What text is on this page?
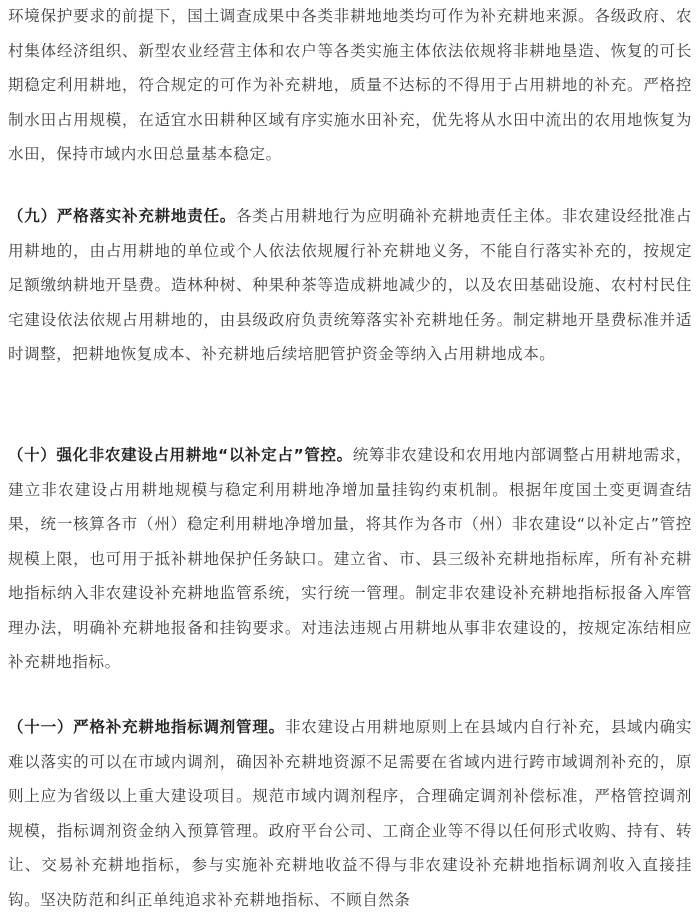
环境保护要求的前提下，国土调查成果中各类非耕地地类均可作为补充耕地来源。各级政府、农村集体经济组织、新型农业经营主体和农户等各类实施主体依法依规将非耕地垦造、恢复的可长期稳定利用耕地，符合规定的可作为补充耕地，质量不达标的不得用于占用耕地的补充。严格控制水田占用规模，在适宜水田耕种区域有序实施水田补充，优先将从水田中流出的农用地恢复为水田，保持市域内水田总量基本稳定。

（九）严格落实补充耕地责任。各类占用耕地行为应明确补充耕地责任主体。非农建设经批准占用耕地的，由占用耕地的单位或个人依法依规履行补充耕地义务，不能自行落实补充的，按规定足额缴纳耕地开垦费。造林种树、种果种茶等造成耕地减少的，以及农田基础设施、农村村民住宅建设依法依规占用耕地的，由县级政府负责统筹落实补充耕地任务。制定耕地开垦费标准并适时调整，把耕地恢复成本、补充耕地后续培肥管护资金等纳入占用耕地成本。

（十）强化非农建设占用耕地“以补定占”管控。统筹非农建设和农用地内部调整占用耕地需求，建立非农建设占用耕地规模与稳定利用耕地净增加量挂钩约束机制。根据年度国土变更调查结果，统一核算各市（州）稳定利用耕地净增加量，将其作为各市（州）非农建设“以补定占”管控规模上限，也可用于抵补耕地保护任务缺口。建立省、市、县三级补充耕地指标库，所有补充耕地指标纳入非农建设补充耕地监管系统，实行统一管理。制定非农建设补充耕地指标报备入库管理办法，明确补充耕地报备和挂钩要求。对违法违规占用耕地从事非农建设的，按规定冻结相应补充耕地指标。

（十一）严格补充耕地指标调剂管理。非农建设占用耕地原则上在县域内自行补充，县域内确实难以落实的可以在市域内调剂，确因补充耕地资源不足需要在省域内进行跨市域调剂补充的，原则上应为省级以上重大建设项目。规范市域内调剂程序，合理确定调剂补偿标准，严格管控调剂规模，指标调剂资金纳入预算管理。政府平台公司、工商企业等不得以任何形式收购、持有、转让、交易补充耕地指标，参与实施补充耕地收益不得与非农建设补充耕地指标调剂收入直接挂钩。坚决防范和纠正单纯追求补充耕地指标、不顾自然条
